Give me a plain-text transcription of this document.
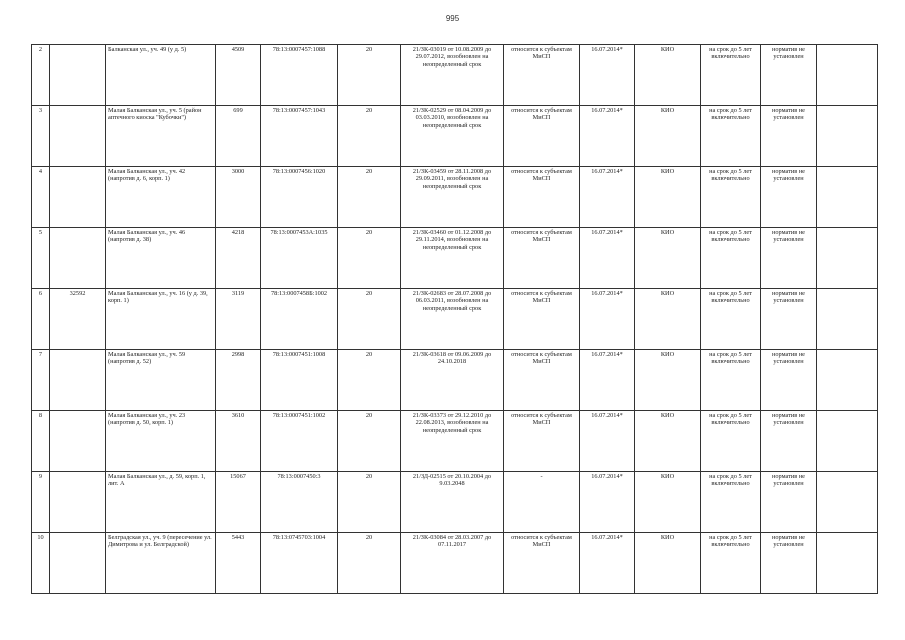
995
2		Балканская ул., уч. 49 (у д. 5)	4509	78:13:0007457:1088	20	21/ЗК-03019 от 10.08.2009 до 29.07.2012, возобновлен на неопределенный срок	относится к субъектам МиСП	16.07.2014*	КИО	на срок до 5 лет включительно	норматив не установлен	
3		Малая Балканская ул., уч. 5 (район аптечного киоска "Кубочки")	699	78:13:0007457:1043	20	21/ЗК-02529 от 08.04.2009 до 03.03.2010, возобновлен на неопределенный срок	относится к субъектам МиСП	16.07.2014*	КИО	на срок до 5 лет включительно	норматив не установлен	
4		Малая Балканская ул., уч. 42 (напротив д. 6, корп. 1)	3000	78:13:0007456:1020	20	21/ЗК-03459 от 28.11.2008 до 29.09.2011, возобновлен на неопределенный срок	относится к субъектам МиСП	16.07.2014*	КИО	на срок до 5 лет включительно	норматив не установлен	
5		Малая Балканская ул., уч. 46 (напротив д. 38)	4218	78:13:0007453А:1035	20	21/ЗК-03460 от 01.12.2008 до 29.11.2014, возобновлен на неопределенный срок	относится к субъектам МиСП	16.07.2014*	КИО	на срок до 5 лет включительно	норматив не установлен	
6	32592	Малая Балканская ул., уч. 16 (у д. 39, корп. 1)	3119	78:13:0007458Б:1002	20	21/ЗК-02683 от 28.07.2008 до 06.03.2011, возобновлен на неопределенный срок	относится к субъектам МиСП	16.07.2014*	КИО	на срок до 5 лет включительно	норматив не установлен	
7		Малая Балканская ул., уч. 59 (напротив д. 52)	2998	78:13:0007451:1008	20	21/ЗК-03618 от 09.06.2009 до 24.10.2018	относится к субъектам МиСП	16.07.2014*	КИО	на срок до 5 лет включительно	норматив не установлен	
8		Малая Балканская ул., уч. 23 (напротив д. 50, корп. 1)	3610	78:13:0007451:1002	20	21/ЗК-03373 от 29.12.2010 до 22.08.2013, возобновлен на неопределенный срок	относится к субъектам МиСП	16.07.2014*	КИО	на срок до 5 лет включительно	норматив не установлен	
9		Малая Балканская ул., д. 59, корп. 1, лит. А	15067	78:13:0007450:3	20	21/ЗД-02515 от 20.10.2004 до 9.03.2048	-	16.07.2014*	КИО	на срок до 5 лет включительно	норматив не установлен	
10		Белградская ул., уч. 9 (пересечение ул. Димитрова и ул. Белградской)	5443	78:13:0745703:1004	20	21/ЗК-03084 от 28.03.2007 до 07.11.2017	относится к субъектам МиСП	16.07.2014*	КИО	на срок до 5 лет включительно	норматив не установлен	
